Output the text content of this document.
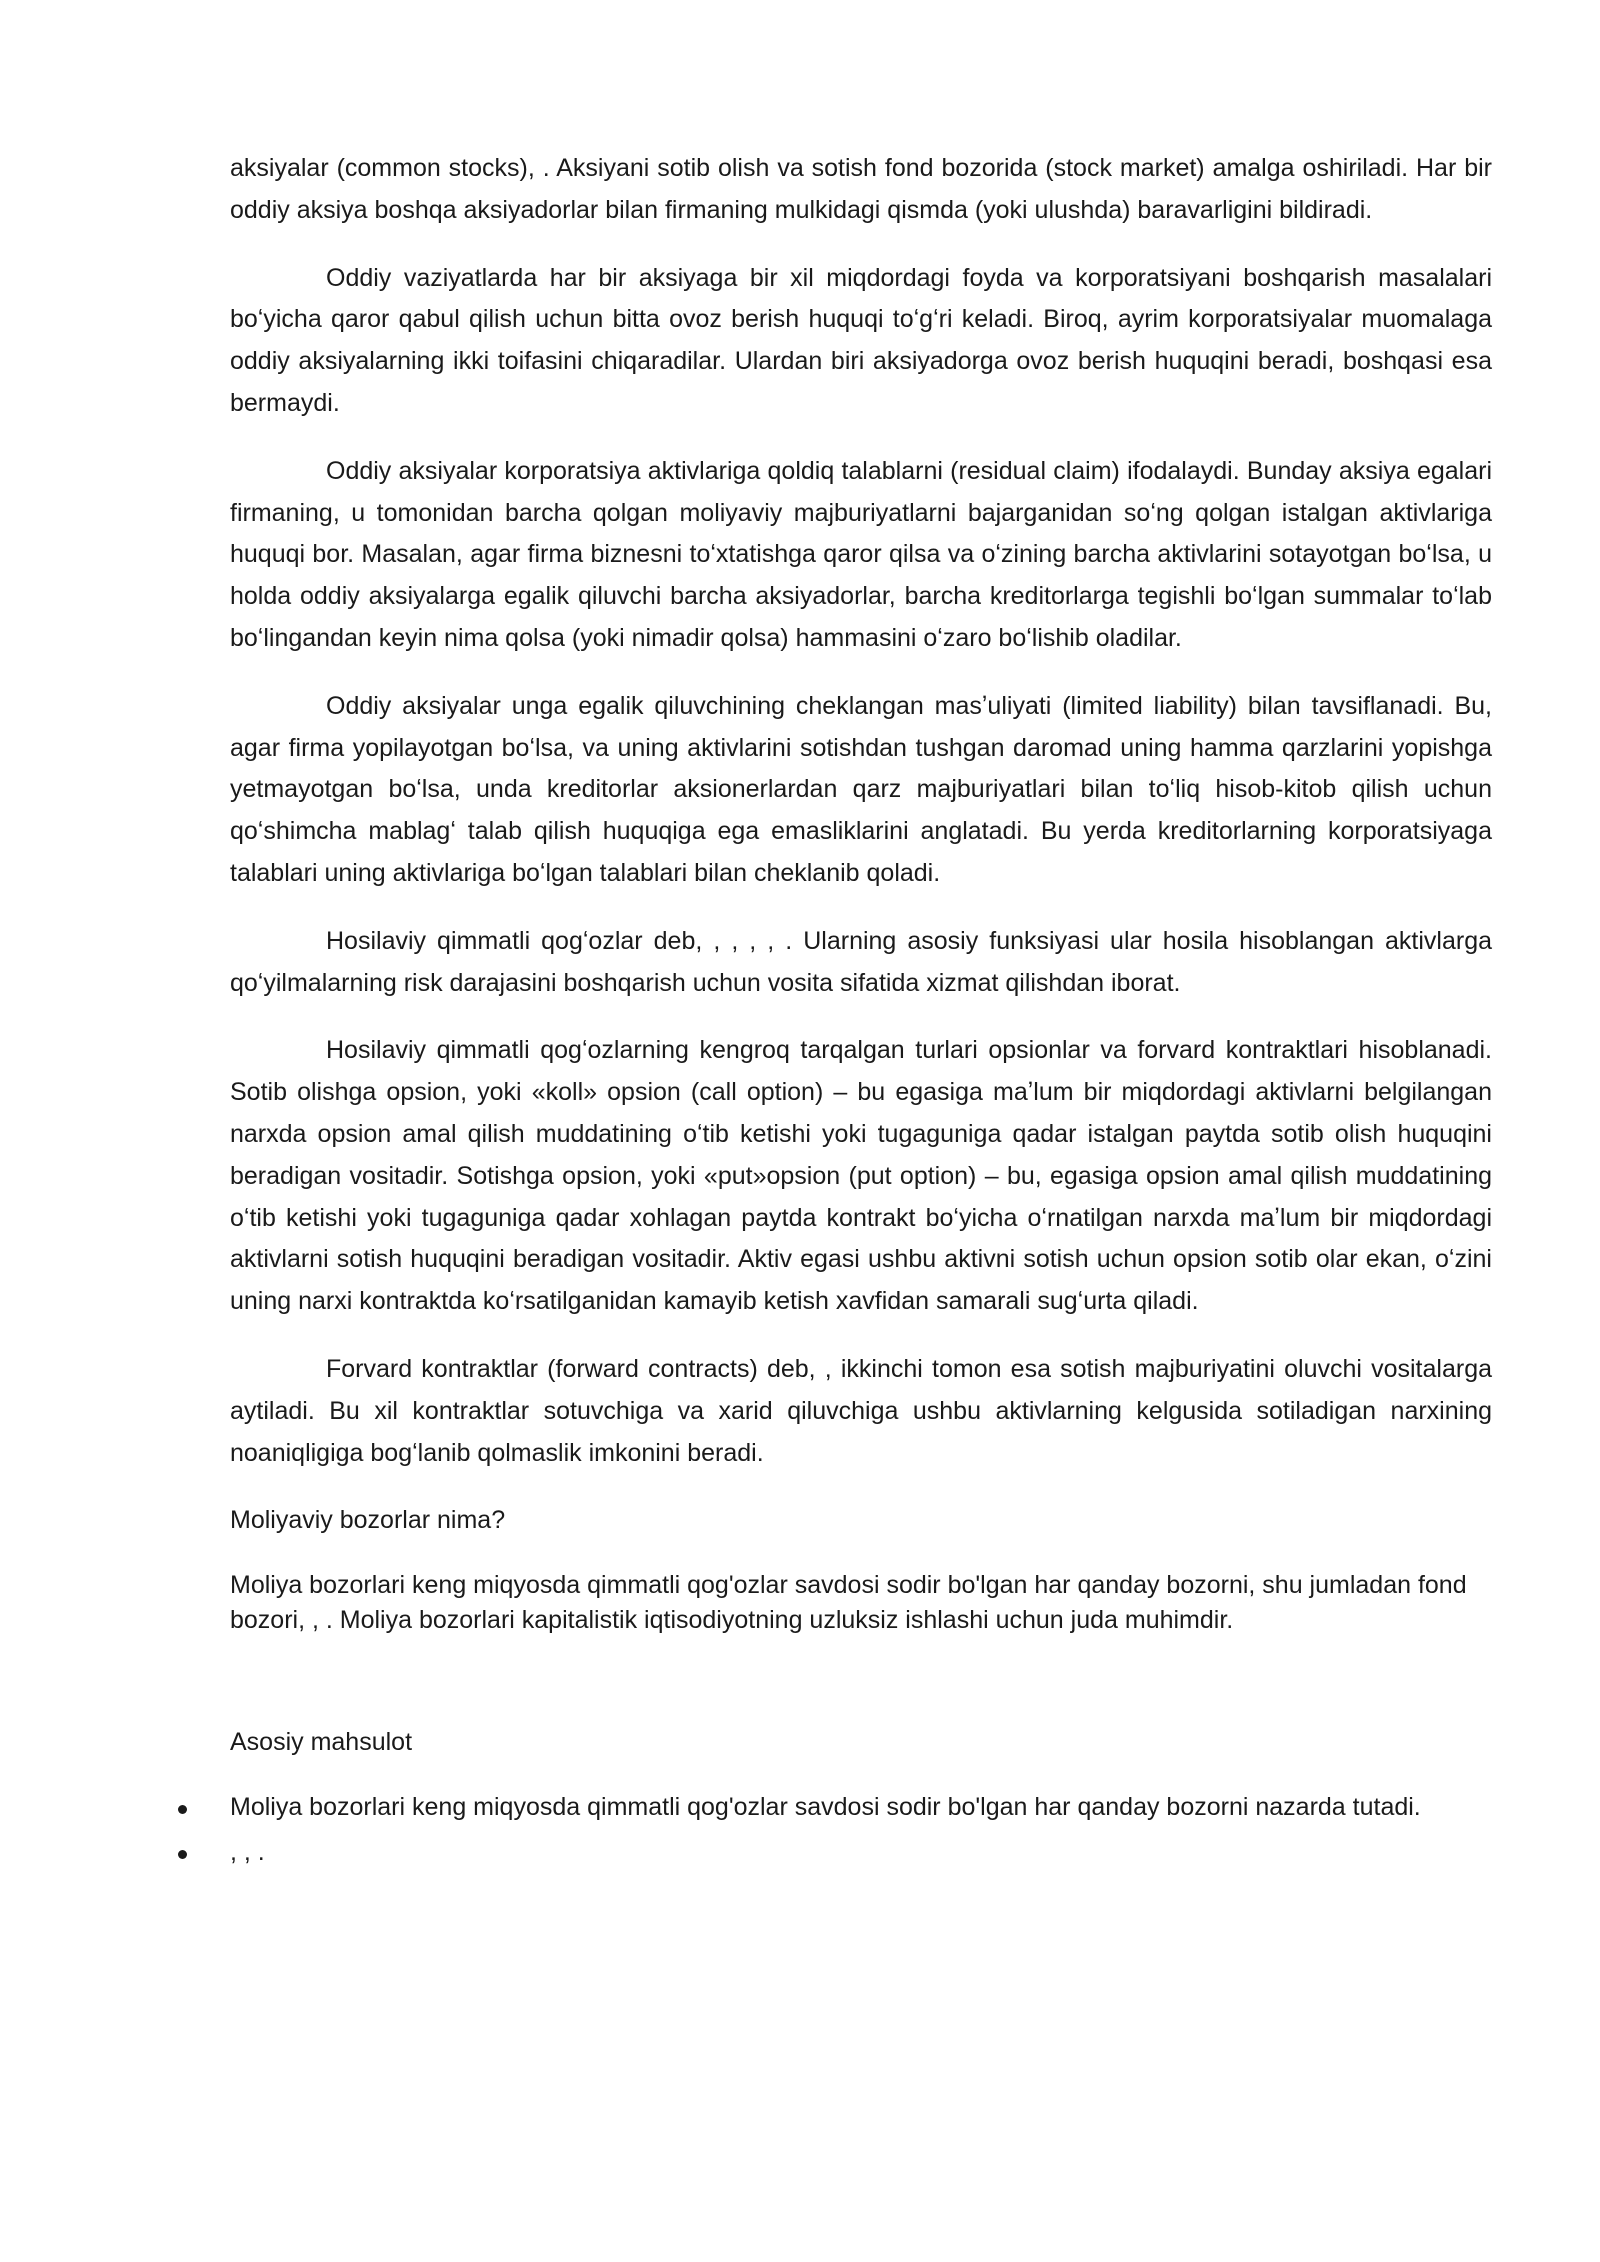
aksiyalar (common stocks), . Aksiyani sotib olish va sotish fond bozorida (stock market) amalga oshiriladi. Har bir oddiy aksiya boshqa aksiyadorlar bilan firmaning mulkidagi qismda (yoki ulushda) baravarligini bildiradi.

Oddiy vaziyatlarda har bir aksiyaga bir xil miqdordagi foyda va korporatsiyani boshqarish masalalari boʻyicha qaror qabul qilish uchun bitta ovoz berish huquqi toʻgʻri keladi. Biroq, ayrim korporatsiyalar muomalaga oddiy aksiyalarning ikki toifasini chiqaradilar. Ulardan biri aksiyadorga ovoz berish huquqini beradi, boshqasi esa bermaydi.

Oddiy aksiyalar korporatsiya aktivlariga qoldiq talablarni (residual claim) ifodalaydi. Bunday aksiya egalari firmaning, u tomonidan barcha qolgan moliyaviy majburiyatlarni bajarganidan soʻng qolgan istalgan aktivlariga huquqi bor. Masalan, agar firma biznesni toʻxtatishga qaror qilsa va oʻzining barcha aktivlarini sotayotgan boʻlsa, u holda oddiy aksiyalarga egalik qiluvchi barcha aksiyadorlar, barcha kreditorlarga tegishli boʻlgan summalar toʻlab boʻlingandan keyin nima qolsa (yoki nimadir qolsa) hammasini oʻzaro boʻlishib oladilar.

Oddiy aksiyalar unga egalik qiluvchining cheklangan masʼuliyati (limited liability) bilan tavsiflanadi. Bu, agar firma yopilayotgan boʻlsa, va uning aktivlarini sotishdan tushgan daromad uning hamma qarzlarini yopishga yetmayotgan boʻlsa, unda kreditorlar aksionerlardan qarz majburiyatlari bilan toʻliq hisob-kitob qilish uchun qoʻshimcha mablagʻ talab qilish huquqiga ega emasliklarini anglatadi. Bu yerda kreditorlarning korporatsiyaga talablari uning aktivlariga boʻlgan talablari bilan cheklanib qoladi.

Hosilaviy qimmatli qogʻozlar deb, , , , , . Ularning asosiy funksiyasi ular hosila hisoblangan aktivlarga qoʻyilmalarning risk darajasini boshqarish uchun vosita sifatida xizmat qilishdan iborat.

Hosilaviy qimmatli qogʻozlarning kengroq tarqalgan turlari opsionlar va forvard kontraktlari hisoblanadi. Sotib olishga opsion, yoki «koll» opsion (call option) – bu egasiga maʼlum bir miqdordagi aktivlarni belgilangan narxda opsion amal qilish muddatining oʻtib ketishi yoki tugaguniga qadar istalgan paytda sotib olish huquqini beradigan vositadir. Sotishga opsion, yoki «put»opsion (put option) – bu, egasiga opsion amal qilish muddatining oʻtib ketishi yoki tugaguniga qadar xohlagan paytda kontrakt boʻyicha oʻrnatilgan narxda maʼlum bir miqdordagi aktivlarni sotish huquqini beradigan vositadir. Aktiv egasi ushbu aktivni sotish uchun opsion sotib olar ekan, oʻzini uning narxi kontraktda koʻrsatilganidan kamayib ketish xavfidan samarali sugʻurta qiladi.

Forvard kontraktlar (forward contracts) deb, , ikkinchi tomon esa sotish majburiyatini oluvchi vositalarga aytiladi. Bu xil kontraktlar sotuvchiga va xarid qiluvchiga ushbu aktivlarning kelgusida sotiladigan narxining noaniqligiga bogʻlanib qolmaslik imkonini beradi.

Moliyaviy bozorlar nima?

Moliya bozorlari keng miqyosda qimmatli qog'ozlar savdosi sodir bo'lgan har qanday bozorni, shu jumladan fond bozori, , . Moliya bozorlari kapitalistik iqtisodiyotning uzluksiz ishlashi uchun juda muhimdir.

Asosiy mahsulot

Moliya bozorlari keng miqyosda qimmatli qog'ozlar savdosi sodir bo'lgan har qanday bozorni nazarda tutadi.
, , .
